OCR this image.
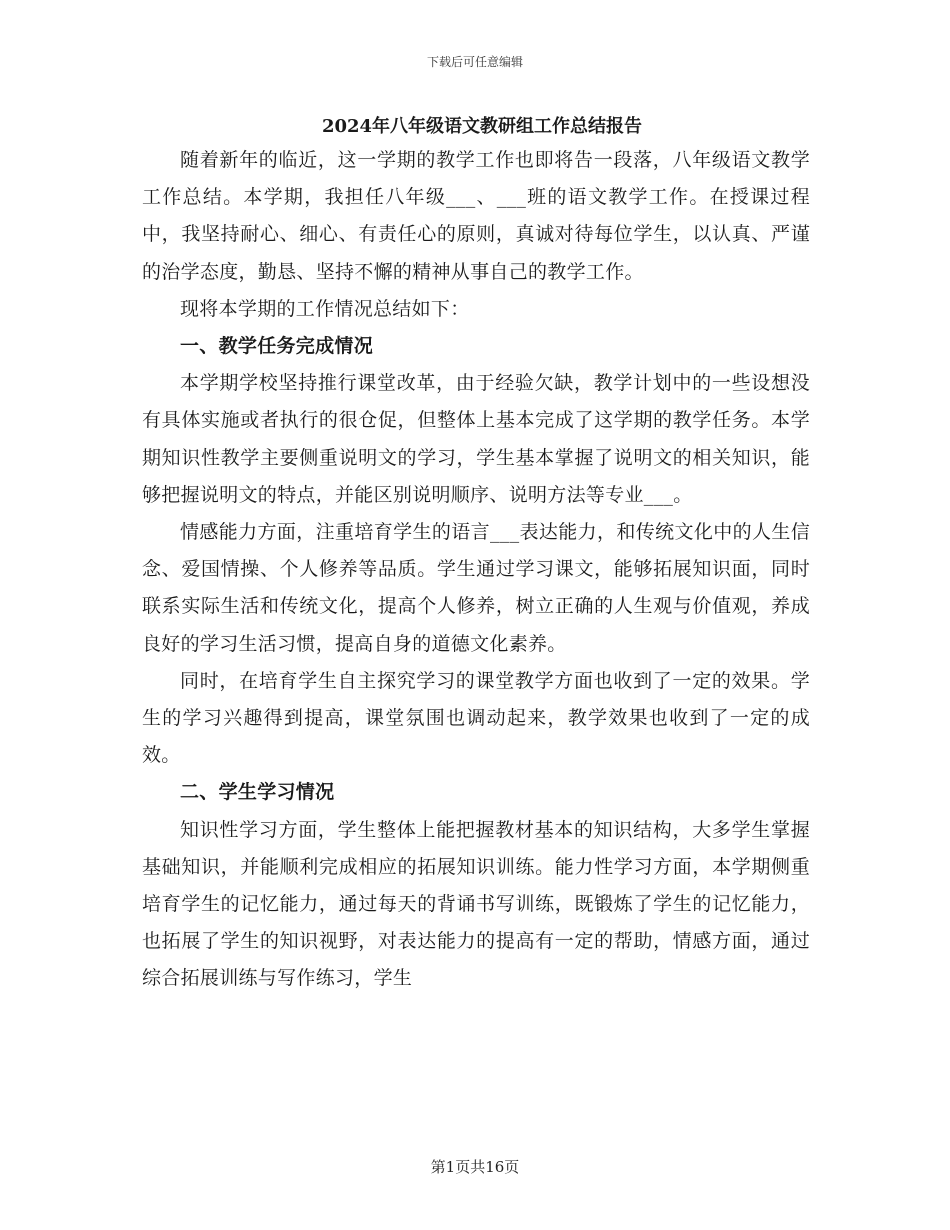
下载后可任意编辑
2024年八年级语文教研组工作总结报告

随着新年的临近，这一学期的教学工作也即将告一段落，八年级语文教学工作总结。本学期，我担任八年级___、___班的语文教学工作。在授课过程中，我坚持耐心、细心、有责任心的原则，真诚对待每位学生，以认真、严谨的治学态度，勤恳、坚持不懈的精神从事自己的教学工作。

现将本学期的工作情况总结如下：

一、教学任务完成情况

本学期学校坚持推行课堂改革，由于经验欠缺，教学计划中的一些设想没有具体实施或者执行的很仓促，但整体上基本完成了这学期的教学任务。本学期知识性教学主要侧重说明文的学习，学生基本掌握了说明文的相关知识，能够把握说明文的特点，并能区别说明顺序、说明方法等专业___。

情感能力方面，注重培育学生的语言___表达能力，和传统文化中的人生信念、爱国情操、个人修养等品质。学生通过学习课文，能够拓展知识面，同时联系实际生活和传统文化，提高个人修养，树立正确的人生观与价值观，养成良好的学习生活习惯，提高自身的道德文化素养。

同时，在培育学生自主探究学习的课堂教学方面也收到了一定的效果。学生的学习兴趣得到提高，课堂氛围也调动起来，教学效果也收到了一定的成效。

二、学生学习情况

知识性学习方面，学生整体上能把握教材基本的知识结构，大多学生掌握基础知识，并能顺利完成相应的拓展知识训练。能力性学习方面，本学期侧重培育学生的记忆能力，通过每天的背诵书写训练，既锻炼了学生的记忆能力，也拓展了学生的知识视野，对表达能力的提高有一定的帮助，情感方面，通过综合拓展训练与写作练习，学生

第1页共16页
